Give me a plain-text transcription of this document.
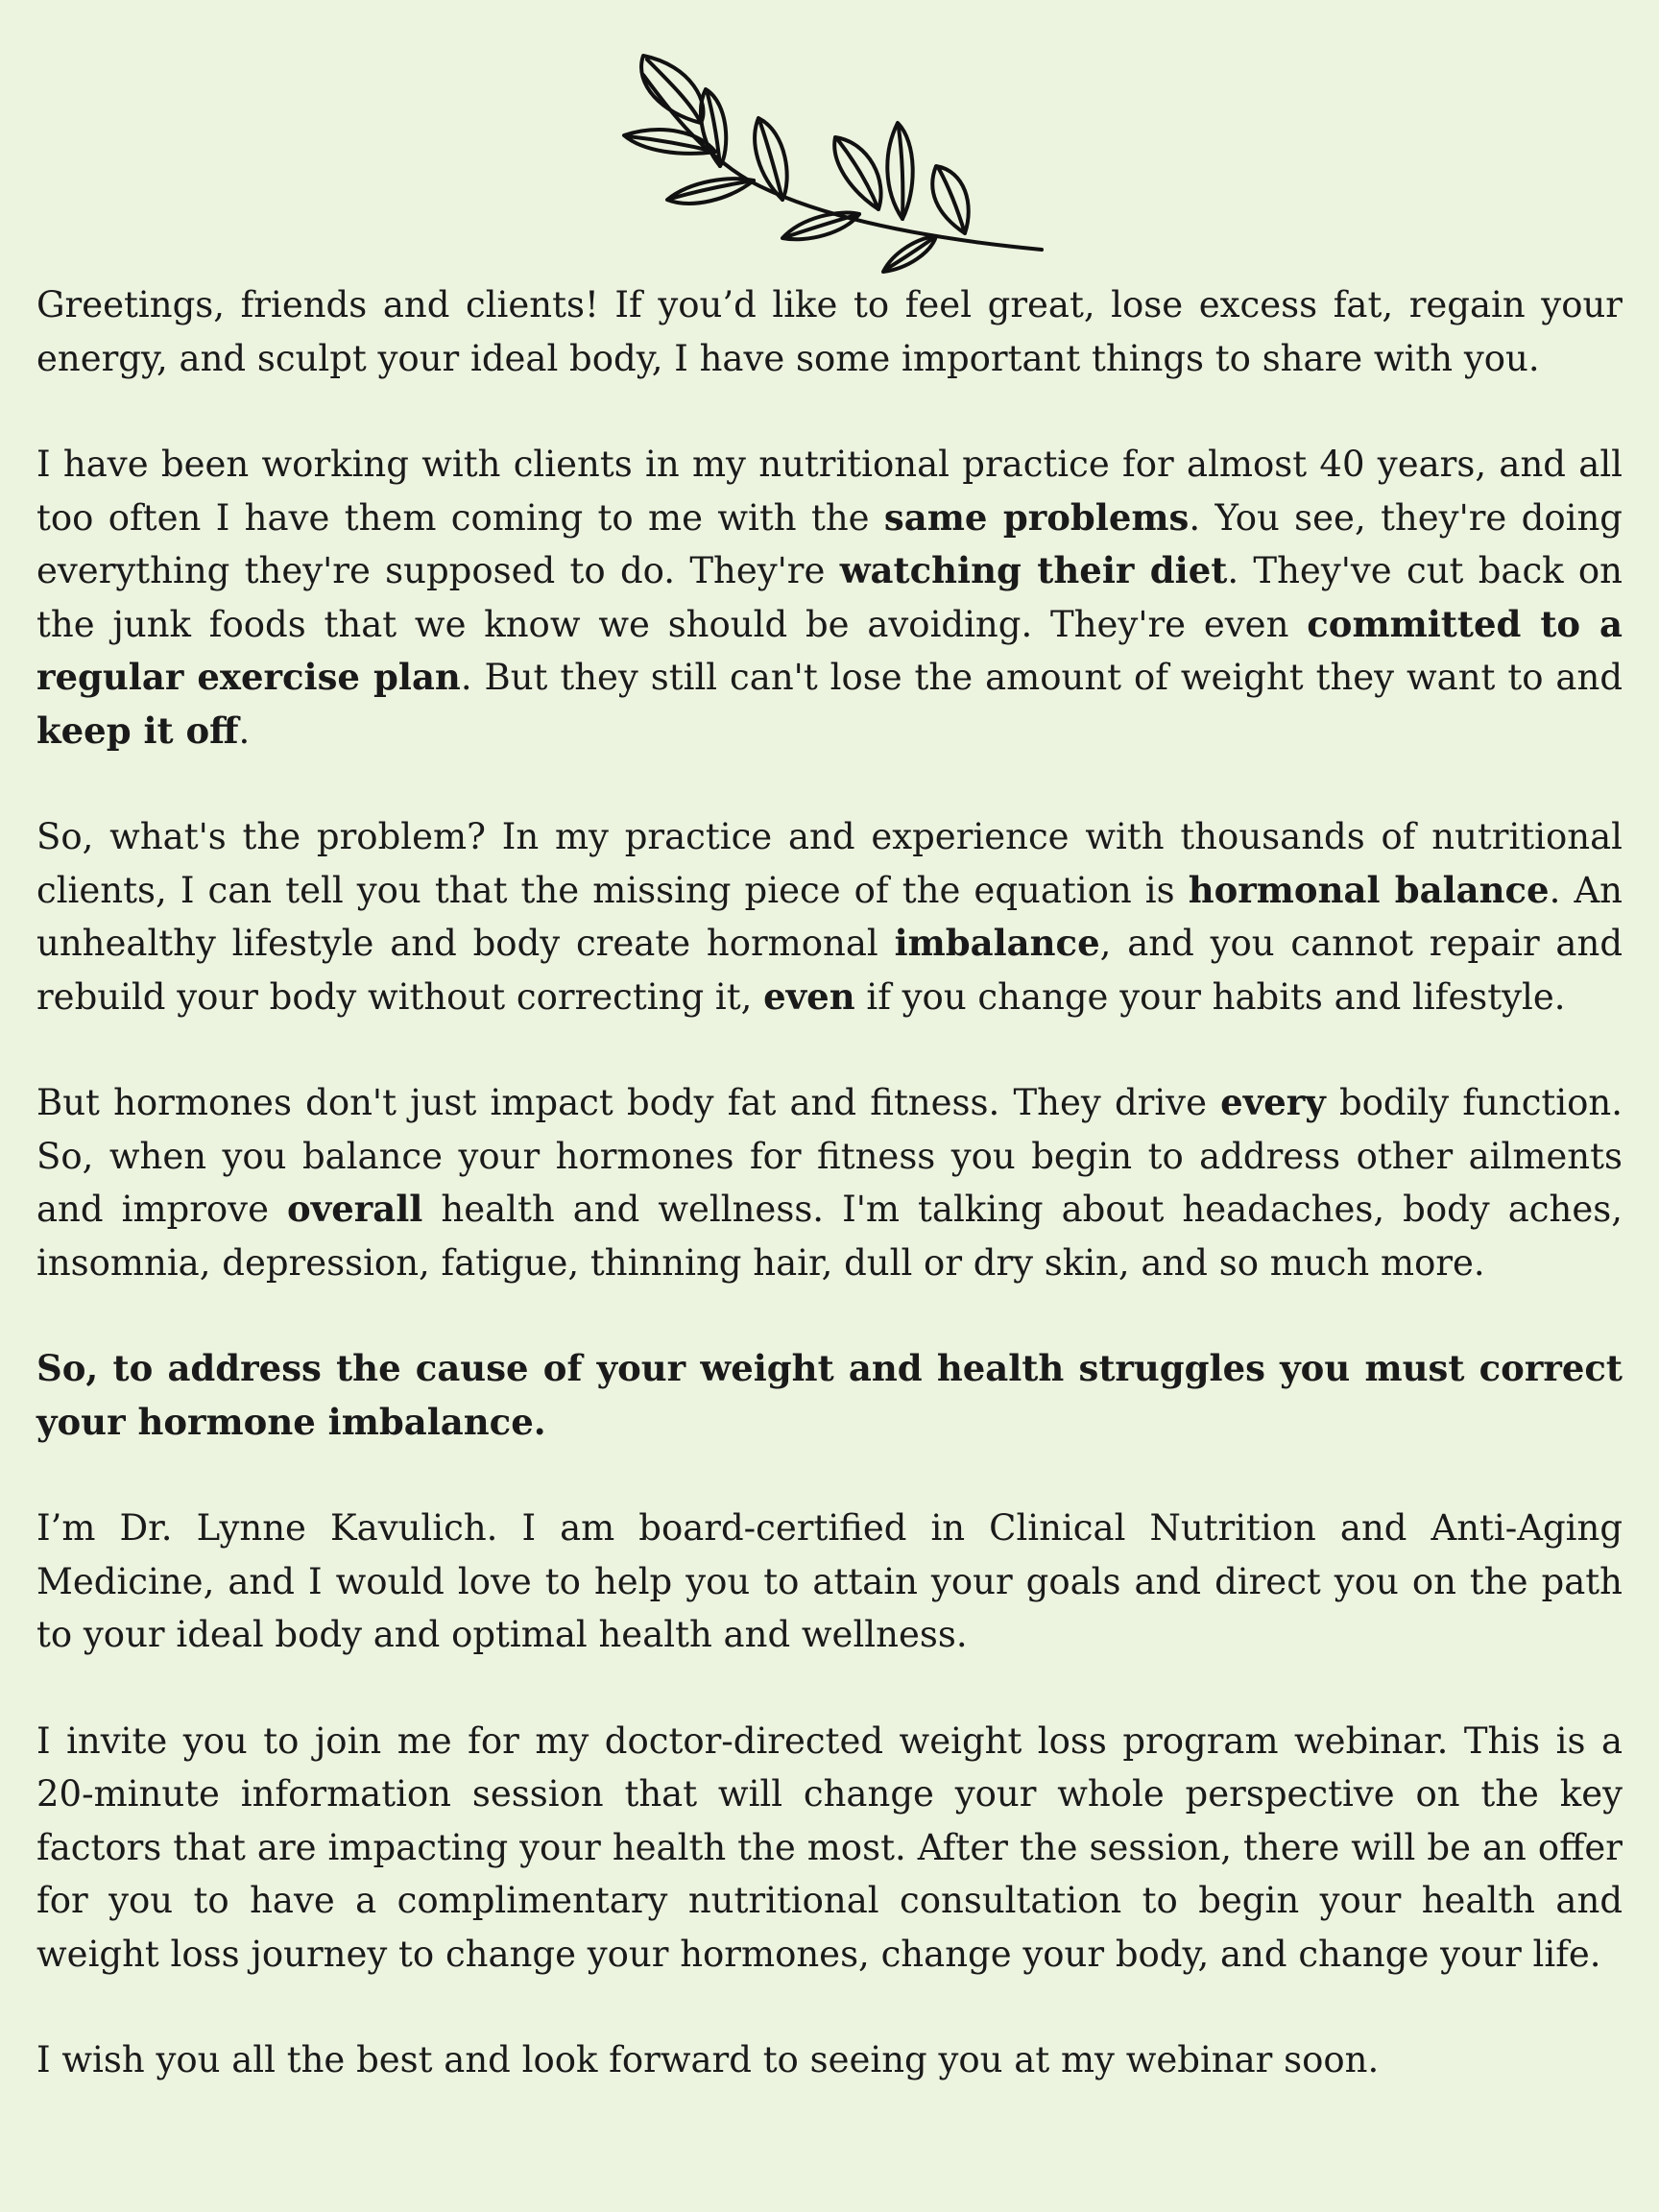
Greetings, friends and clients! If you’d like to feel great, lose excess fat, regain your energy, and sculpt your ideal body, I have some important things to share with you.

I have been working with clients in my nutritional practice for almost 40 years, and all too often I have them coming to me with the same problems. You see, they're doing everything they're supposed to do. They're watching their diet. They've cut back on the junk foods that we know we should be avoiding. They're even committed to a regular exercise plan. But they still can't lose the amount of weight they want to and keep it off.

So, what's the problem? In my practice and experience with thousands of nutritional clients, I can tell you that the missing piece of the equation is hormonal balance. An unhealthy lifestyle and body create hormonal imbalance, and you cannot repair and rebuild your body without correcting it, even if you change your habits and lifestyle.

But hormones don't just impact body fat and fitness. They drive every bodily function. So, when you balance your hormones for fitness you begin to address other ailments and improve overall health and wellness. I'm talking about headaches, body aches, insomnia, depression, fatigue, thinning hair, dull or dry skin, and so much more.

So, to address the cause of your weight and health struggles you must correct your hormone imbalance.

I’m Dr. Lynne Kavulich. I am board-certified in Clinical Nutrition and Anti-Aging Medicine, and I would love to help you to attain your goals and direct you on the path to your ideal body and optimal health and wellness.

I invite you to join me for my doctor-directed weight loss program webinar. This is a 20-minute information session that will change your whole perspective on the key factors that are impacting your health the most. After the session, there will be an offer for you to have a complimentary nutritional consultation to begin your health and weight loss journey to change your hormones, change your body, and change your life.

I wish you all the best and look forward to seeing you at my webinar soon.
